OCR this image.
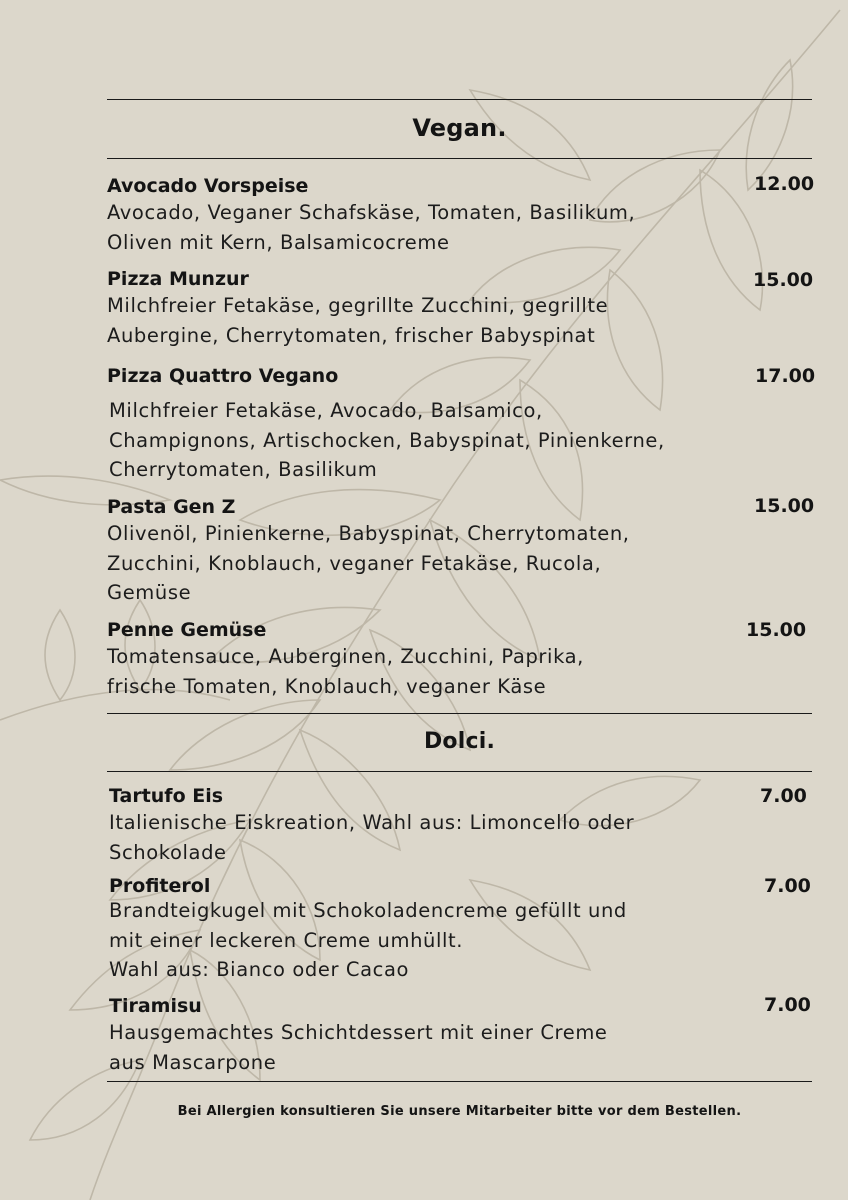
Vegan.
Avocado Vorspeise
Avocado, Veganer Schafskäse, Tomaten, Basilikum,
Oliven mit Kern, Balsamicocreme
12.00
Pizza Munzur
Milchfreier Fetakäse, gegrillte Zucchini, gegrillte
Aubergine, Cherrytomaten, frischer Babyspinat
15.00
Pizza Quattro Vegano
Milchfreier Fetakäse, Avocado, Balsamico,
Champignons, Artischocken, Babyspinat, Pinienkerne,
Cherrytomaten, Basilikum
17.00
Pasta Gen Z
Olivenöl, Pinienkerne, Babyspinat, Cherrytomaten,
Zucchini, Knoblauch, veganer Fetakäse, Rucola,
Gemüse
15.00
Penne Gemüse
Tomatensauce, Auberginen, Zucchini, Paprika,
frische Tomaten, Knoblauch, veganer Käse
15.00
Dolci.
Tartufo Eis
Italienische Eiskreation, Wahl aus: Limoncello oder
Schokolade
7.00
Profiterol
Brandteigkugel mit Schokoladencreme gefüllt und
mit einer leckeren Creme umhüllt.
Wahl aus: Bianco oder Cacao
7.00
Tiramisu
Hausgemachtes Schichtdessert mit einer Creme
aus Mascarpone
7.00
Bei Allergien konsultieren Sie unsere Mitarbeiter bitte vor dem Bestellen.
